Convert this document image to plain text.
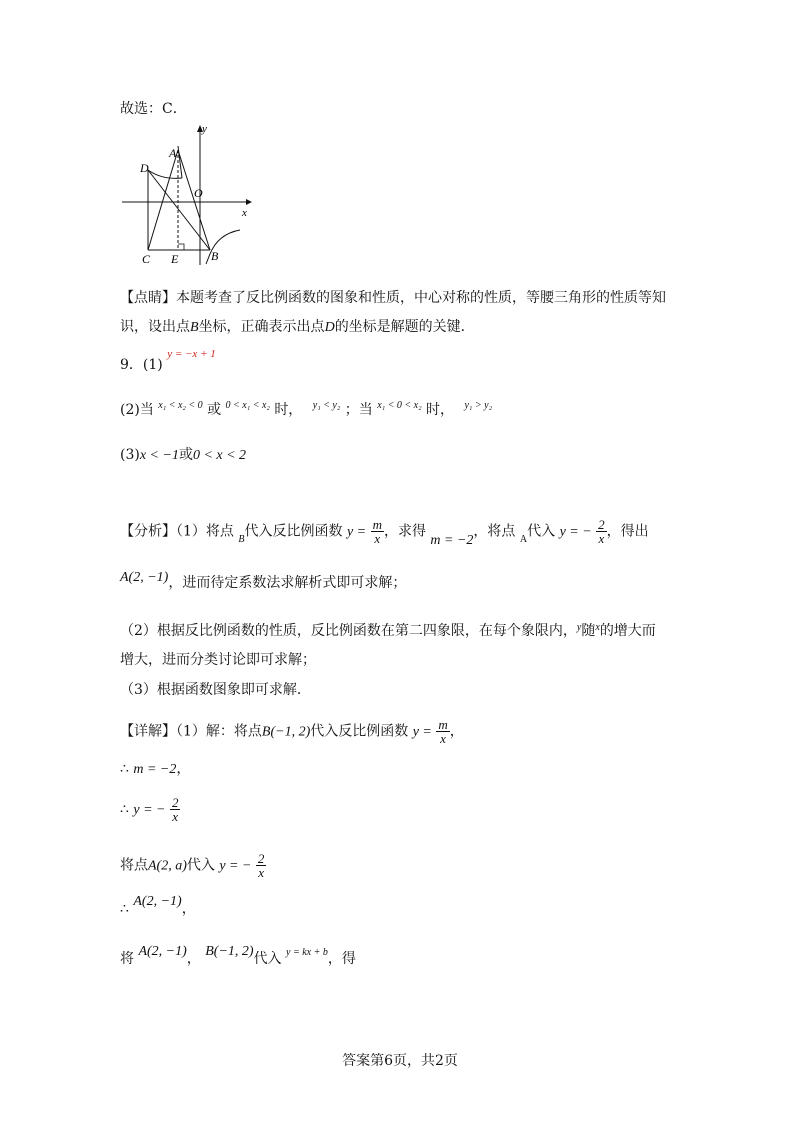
故选：C．
y
x
A
D
O
C E	B
【点睛】本题考查了反比例函数的图象和性质，中心对称的性质，等腰三角形的性质等知
识，设出点B坐标，正确表示出点D的坐标是解题的关键．
9．(1) $^{y = -x + 1}$
(2)当 $^{x_1 < x_2 < 0}$ 或 $^{0 < x_1 < x_2}$ 时， $^{y_1 < y_2}$ ；当 $^{x_1 < 0 < x_2}$ 时， $^{y_1 > y_2}$
(3)x < −1或0 < x < 2
【分析】（1）将点 $_B$代入反比例函数 $y = \frac{m}{x}$ ，求得 m = −2，将点 $_A$代入 y = − $\frac{2}{x}$ ，得出
A(2, −1)，进而待定系数法求解析式即可求解；
（2）根据反比例函数的性质，反比例函数在第二四象限，在每个象限内，$^y$随$^x$的增大而
增大，进而分类讨论即可求解；
（3）根据函数图象即可求解．
【详解】（1）解：将点B(−1, 2)代入反比例函数 $y = \frac{m}{x}$ ，
∴ m = −2，
∴ y = − $\frac{2}{x}$
将点A(2, a)代入 y = − $\frac{2}{x}$
∴ A(2, −1)，
将 A(2, −1)， B(−1, 2)代入 $^{y = kx + b}$，得
答案第6页，共2页
